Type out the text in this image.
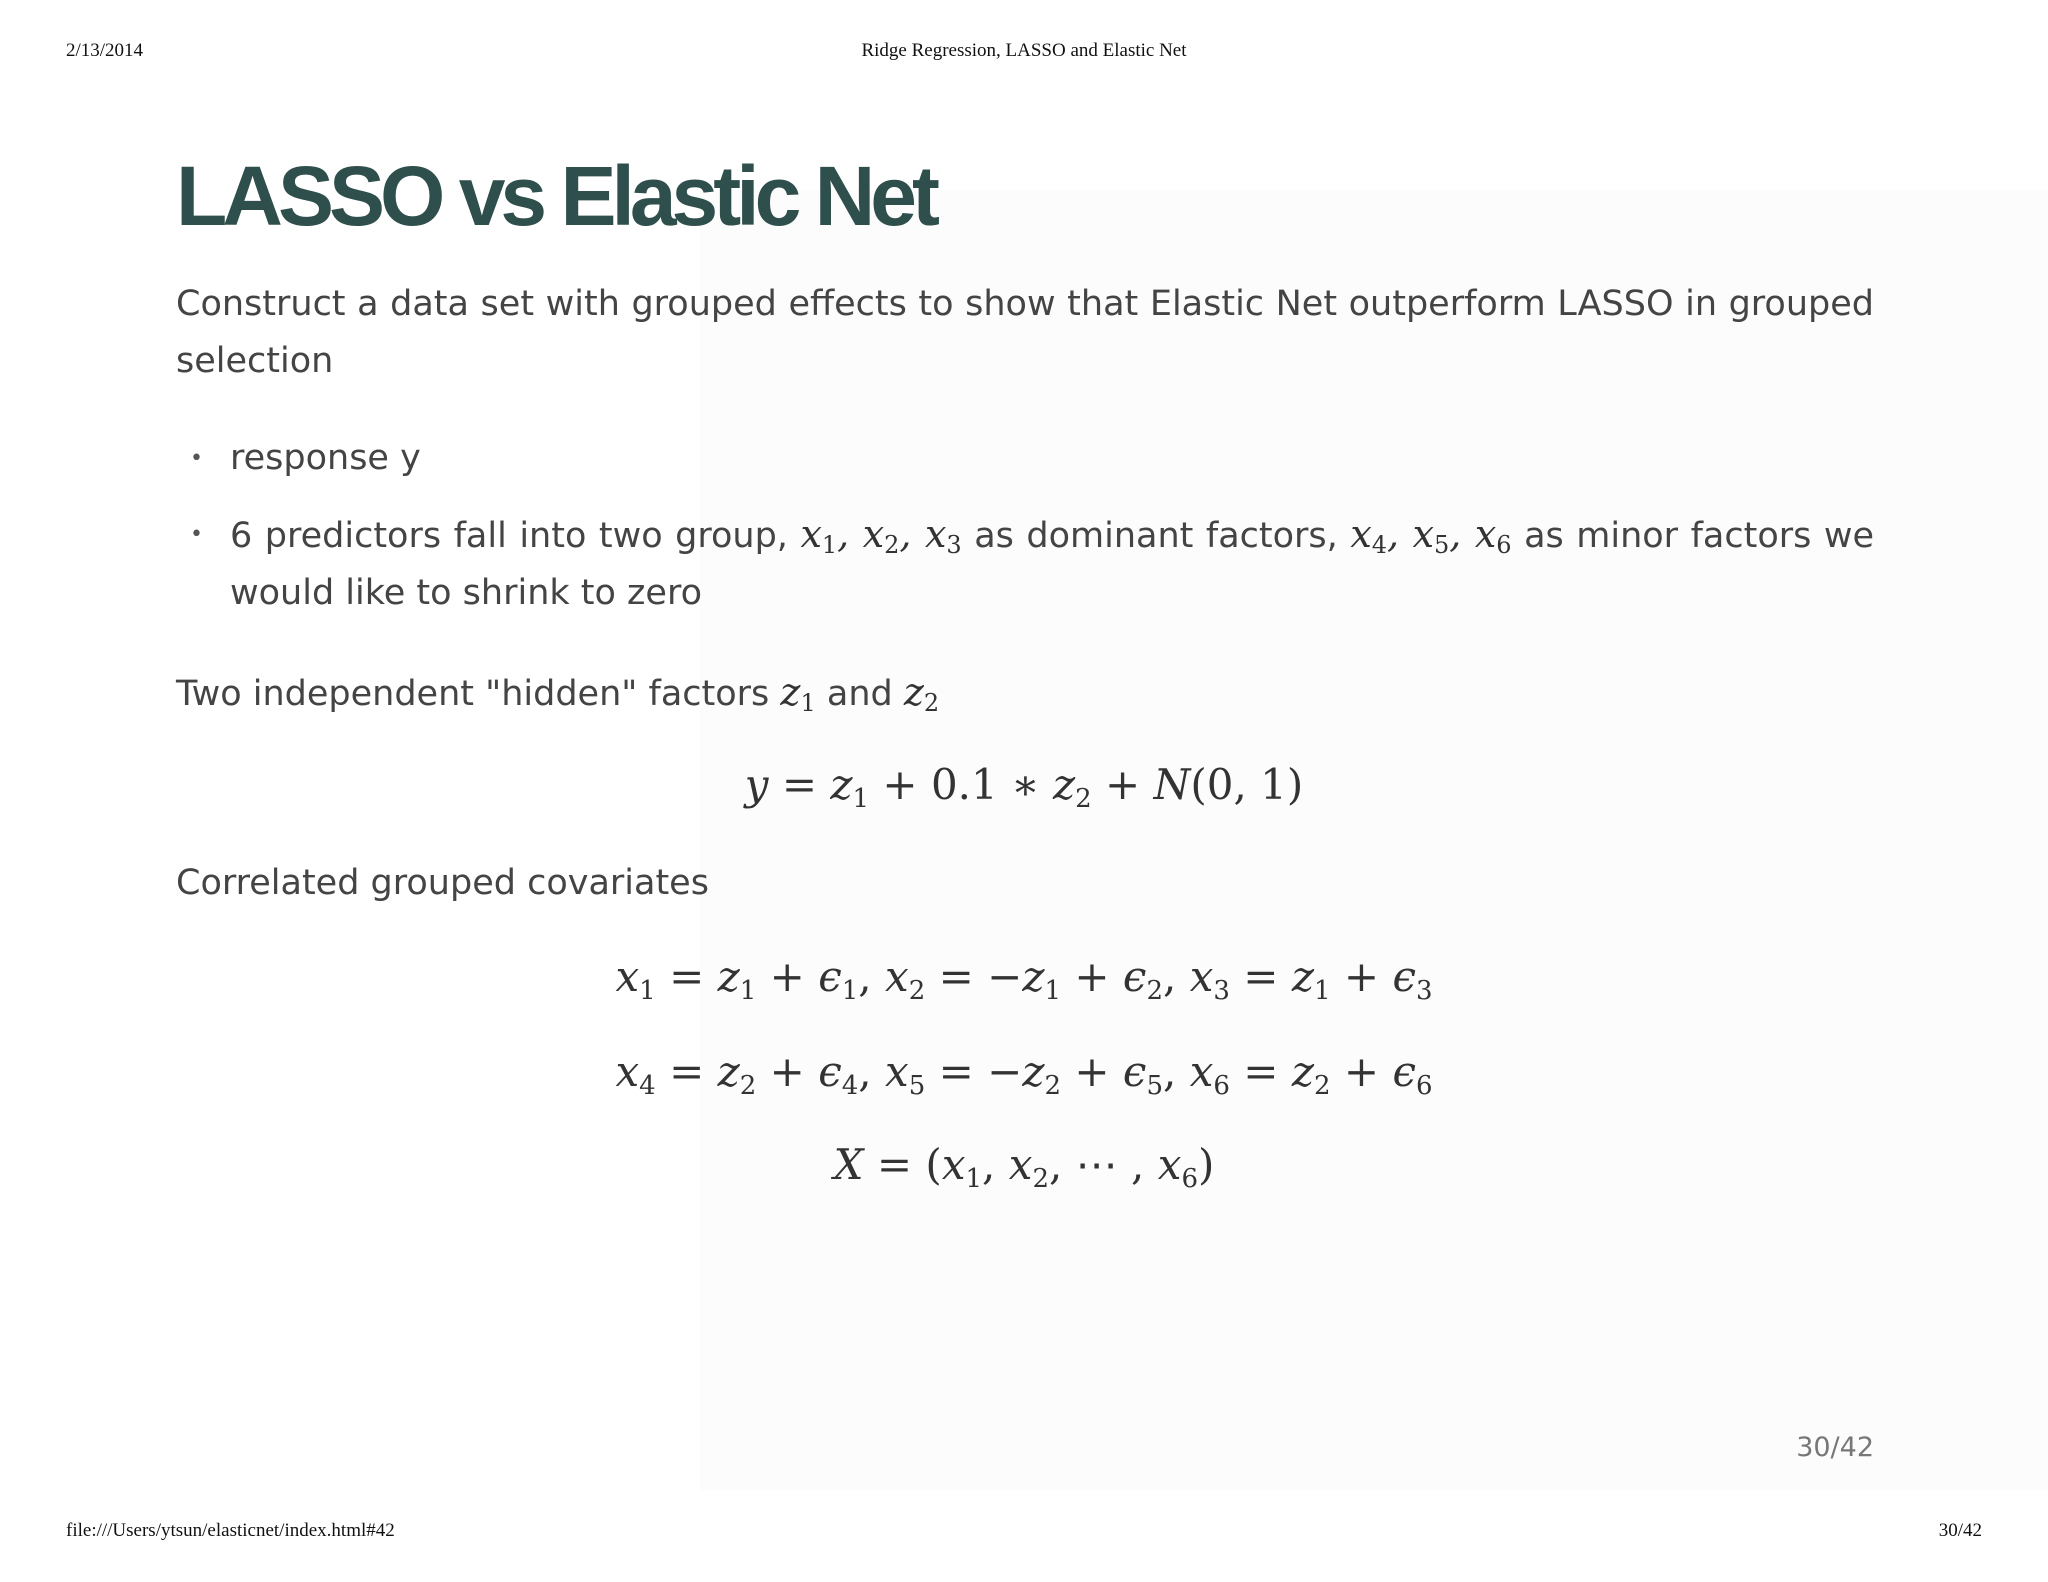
2/13/2014	Ridge Regression, LASSO and Elastic Net
LASSO vs Elastic Net

Construct a data set with grouped effects to show that Elastic Net outperform LASSO in grouped selection

• response y
• 6 predictors fall into two group, $x_1$, $x_2$, $x_3$ as dominant factors, $x_4$, $x_5$, $x_6$ as minor factors we would like to shrink to zero

Two independent "hidden" factors $z_1$ and $z_2$

Correlated grouped covariates

$y = z_1 + 0.1$ ∗ $z_2 + N(0$, 1)
$x_1 = z_1 + \epsilon_1$, $x_2 = -z_1 + \epsilon_2$, $x_3 = z_1 + \epsilon_3$
$x_4 = z_2 + \epsilon_4$, $x_5 = -z_2 + \epsilon_5$, $x_6 = z_2 + \epsilon_6$
$X = (x_1$, $x_2$, ⋯ , $x_6$)
30/42
file:///Users/ytsun/elasticnet/index.html#42	30/42
